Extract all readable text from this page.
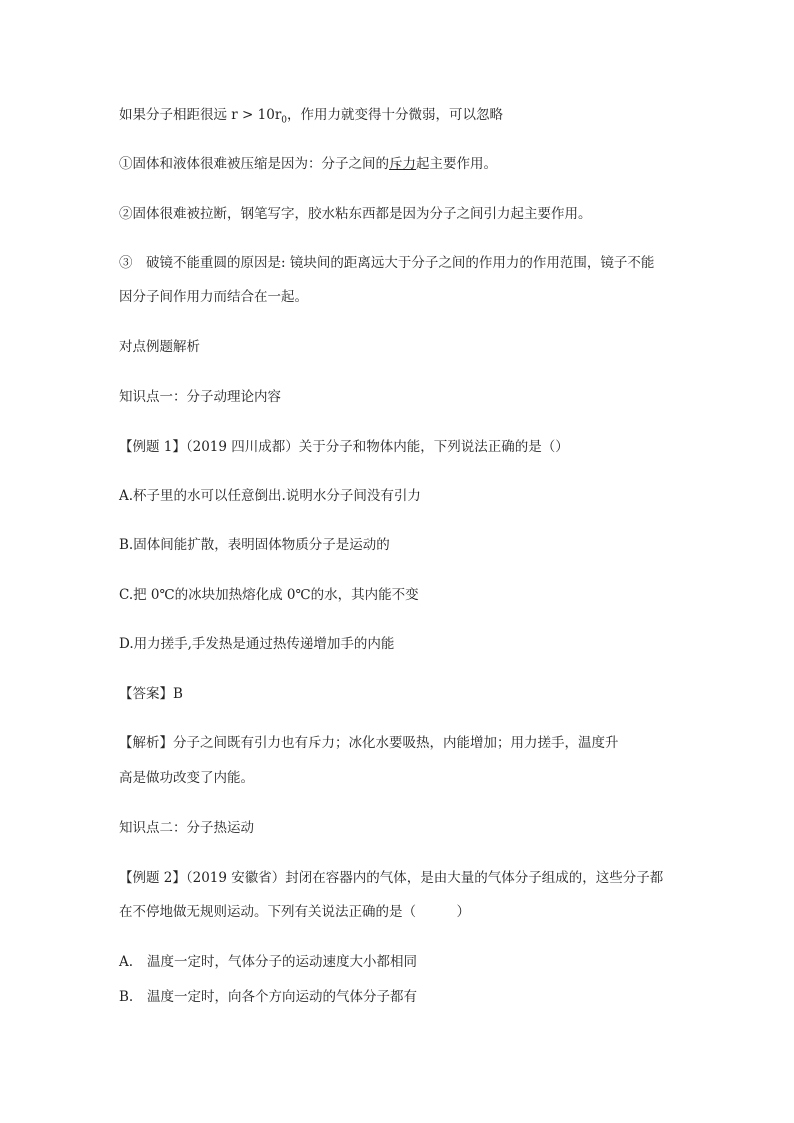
如果分子相距很远 $r > 10r_0$，作用力就变得十分微弱，可以忽略
①固体和液体很难被压缩是因为：分子之间的斥力起主要作用。
②固体很难被拉断，钢笔写字，胶水粘东西都是因为分子之间引力起主要作用。
③　破镜不能重圆的原因是: 镜块间的距离远大于分子之间的作用力的作用范围，镜子不能
因分子间作用力而结合在一起。
对点例题解析
知识点一：分子动理论内容
【例题 1】（2019 四川成都）关于分子和物体内能，下列说法正确的是（）
A.杯子里的水可以任意倒出.说明水分子间没有引力
B.固体间能扩散，表明固体物质分子是运动的
C.把 0℃的冰块加热熔化成 0℃的水，其内能不变
D.用力搓手,手发热是通过热传递增加手的内能
【答案】B
【解析】分子之间既有引力也有斥力；冰化水要吸热，内能增加；用力搓手，温度升
高是做功改变了内能。
知识点二：分子热运动
【例题 2】（2019 安徽省）封闭在容器内的气体，是由大量的气体分子组成的，这些分子都
在不停地做无规则运动。下列有关说法正确的是（　　　）
A. 温度一定时，气体分子的运动速度大小都相同
B. 温度一定时，向各个方向运动的气体分子都有
